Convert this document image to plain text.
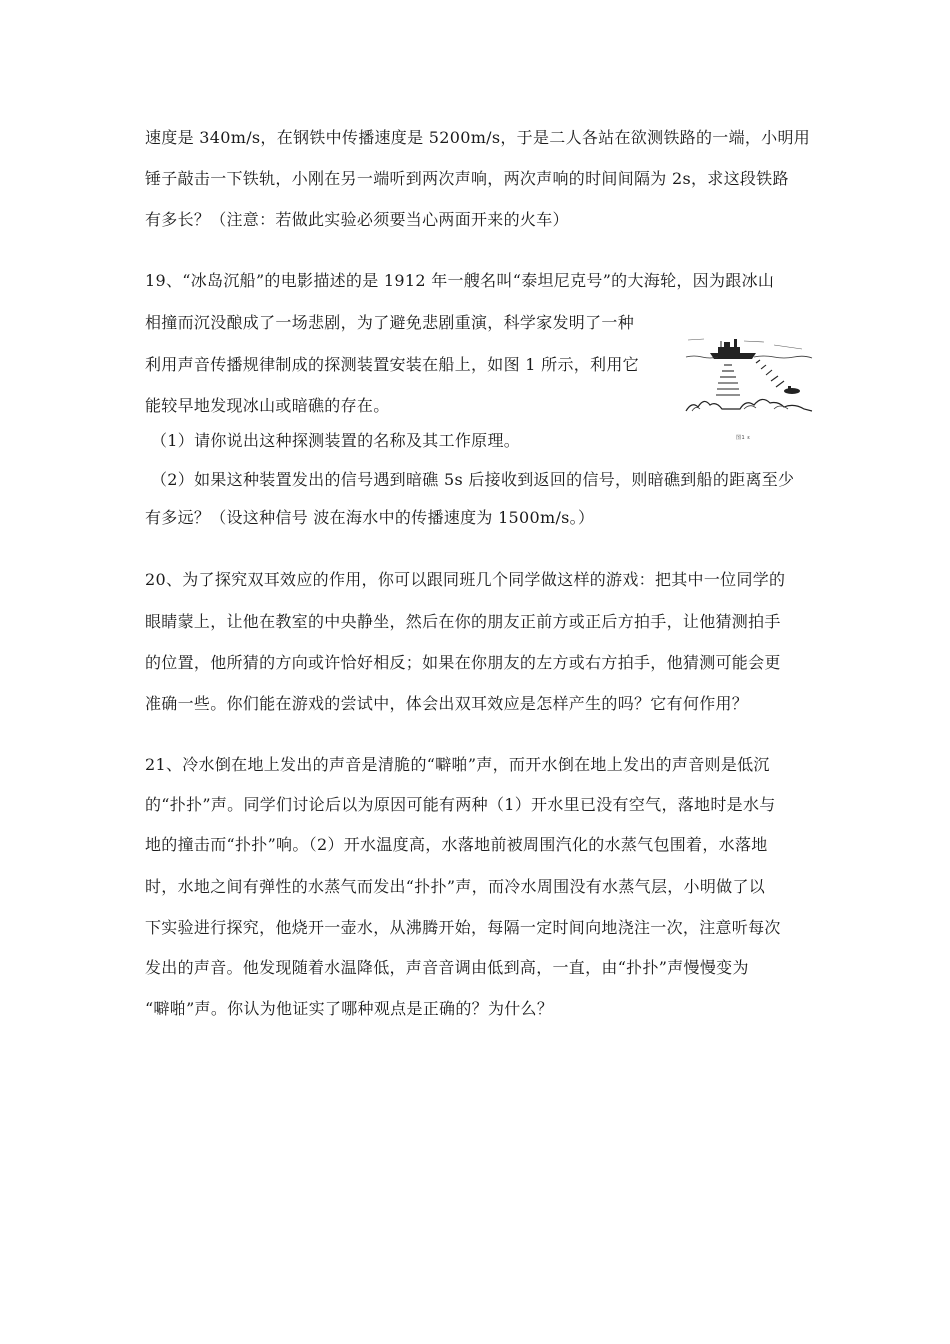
速度是 340m/s，在钢铁中传播速度是 5200m/s，于是二人各站在欲测铁路的一端，小明用
锤子敲击一下铁轨，小刚在另一端听到两次声响，两次声响的时间间隔为 2s，求这段铁路
有多长？（注意：若做此实验必须要当心两面开来的火车）
19、“冰岛沉船”的电影描述的是 1912 年一艘名叫“泰坦尼克号”的大海轮，因为跟冰山
相撞而沉没酿成了一场悲剧，为了避免悲剧重演，科学家发明了一种
利用声音传播规律制成的探测装置安装在船上，如图 1 所示，利用它
能较早地发现冰山或暗礁的存在。
（1）请你说出这种探测装置的名称及其工作原理。
（2）如果这种装置发出的信号遇到暗礁 5s 后接收到返回的信号，则暗礁到船的距离至少
有多远？（设这种信号 波在海水中的传播速度为 1500m/s。）
图1 ε
20、为了探究双耳效应的作用，你可以跟同班几个同学做这样的游戏：把其中一位同学的
眼睛蒙上，让他在教室的中央静坐，然后在你的朋友正前方或正后方拍手，让他猜测拍手
的位置，他所猜的方向或许恰好相反；如果在你朋友的左方或右方拍手，他猜测可能会更
准确一些。你们能在游戏的尝试中，体会出双耳效应是怎样产生的吗？它有何作用？
21、冷水倒在地上发出的声音是清脆的“噼啪”声，而开水倒在地上发出的声音则是低沉
的“扑扑”声。同学们讨论后以为原因可能有两种（1）开水里已没有空气，落地时是水与
地的撞击而“扑扑”响。（2）开水温度高，水落地前被周围汽化的水蒸气包围着，水落地
时，水地之间有弹性的水蒸气而发出“扑扑”声，而冷水周围没有水蒸气层，小明做了以
下实验进行探究，他烧开一壶水，从沸腾开始，每隔一定时间向地浇注一次，注意听每次
发出的声音。他发现随着水温降低，声音音调由低到高，一直，由“扑扑”声慢慢变为
“噼啪”声。你认为他证实了哪种观点是正确的？为什么？
